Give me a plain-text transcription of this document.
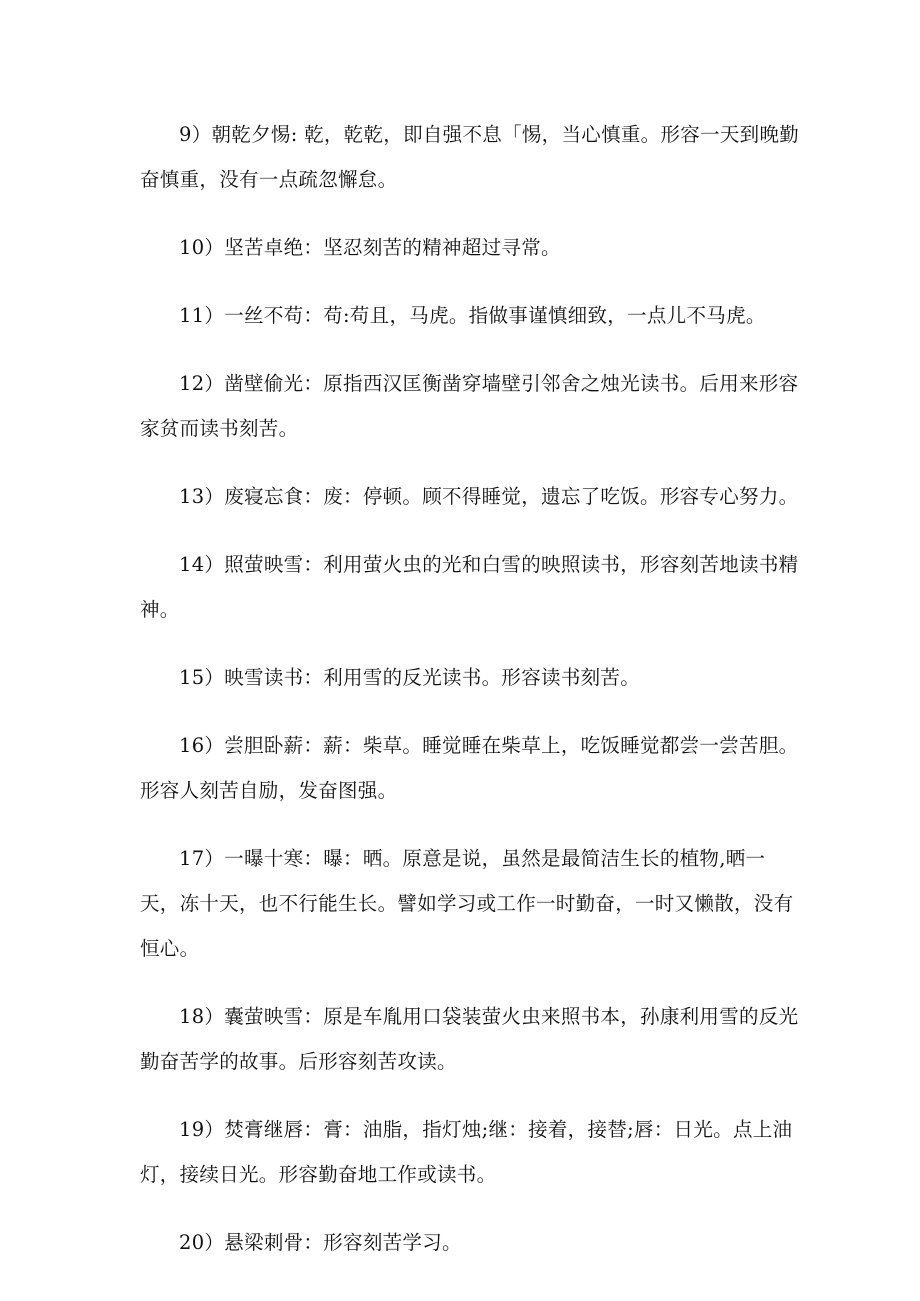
9）朝乾夕惕: 乾，乾乾，即自强不息「惕，当心慎重。形容一天到晚勤奋慎重，没有一点疏忽懈怠。

10）坚苦卓绝：坚忍刻苦的精神超过寻常。

11）一丝不苟：苟:苟且，马虎。指做事谨慎细致，一点儿不马虎。

12）凿壁偷光：原指西汉匡衡凿穿墙壁引邻舍之烛光读书。后用来形容家贫而读书刻苦。

13）废寝忘食：废：停顿。顾不得睡觉，遗忘了吃饭。形容专心努力。

14）照萤映雪：利用萤火虫的光和白雪的映照读书，形容刻苦地读书精神。

15）映雪读书：利用雪的反光读书。形容读书刻苦。

16）尝胆卧薪：薪：柴草。睡觉睡在柴草上，吃饭睡觉都尝一尝苦胆。形容人刻苦自励，发奋图强。

17）一曝十寒：曝：晒。原意是说，虽然是最简洁生长的植物,晒一天，冻十天，也不行能生长。譬如学习或工作一时勤奋，一时又懒散，没有恒心。

18）囊萤映雪：原是车胤用口袋装萤火虫来照书本，孙康利用雪的反光勤奋苦学的故事。后形容刻苦攻读。

19）焚膏继唇：膏：油脂，指灯烛;继：接着，接替;唇：日光。点上油灯，接续日光。形容勤奋地工作或读书。

20）悬梁刺骨：形容刻苦学习。
